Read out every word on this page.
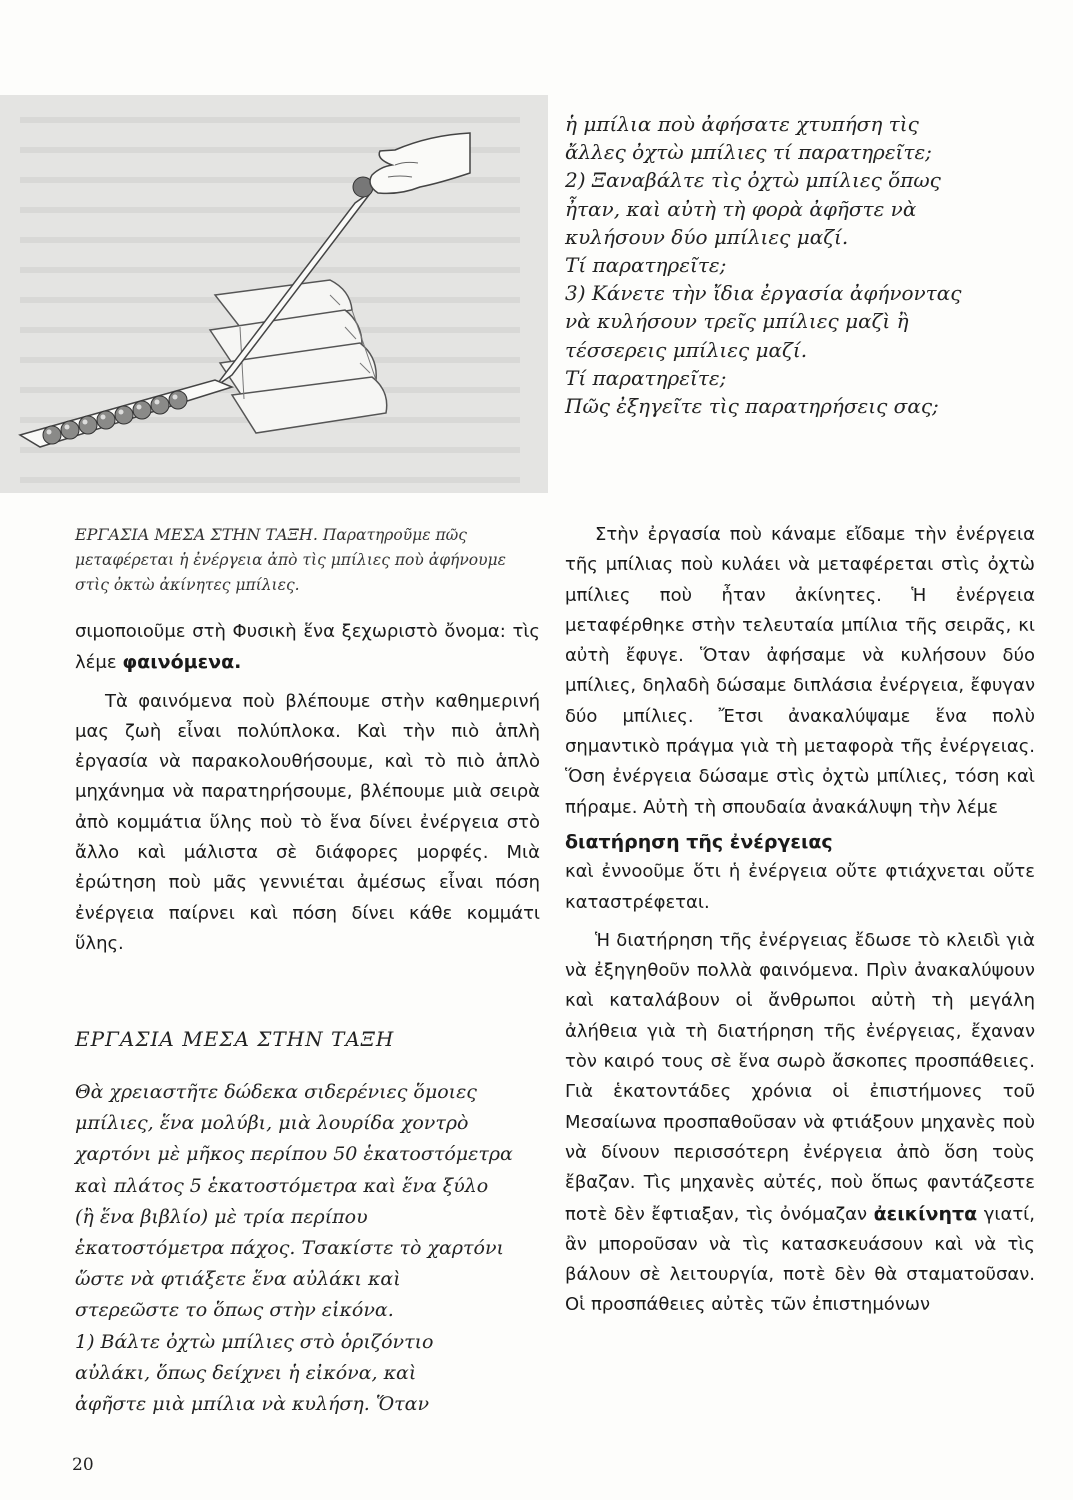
ἡ μπίλια ποὺ ἀφήσατε χτυπήση τὶς

ἄλλες ὀχτὼ μπίλιες τί παρατηρεῖτε;

2) Ξαναβάλτε τὶς ὀχτὼ μπίλιες ὅπως

ἦταν, καὶ αὐτὴ τὴ φορὰ ἀφῆστε νὰ

κυλήσουν δύο μπίλιες μαζί.

Τί παρατηρεῖτε;

3) Κάνετε τὴν ἴδια ἐργασία ἀφήνοντας

νὰ κυλήσουν τρεῖς μπίλιες μαζὶ ἢ

τέσσερεις μπίλιες μαζί.

Τί παρατηρεῖτε;

Πῶς ἐξηγεῖτε τὶς παρατηρήσεις σας;

ΕΡΓΑΣΙΑ ΜΕΣΑ ΣΤΗΝ ΤΑΞΗ. Παρατηροῦμε πῶς μεταφέρεται ἡ ἐνέργεια ἀπὸ τὶς μπίλιες ποὺ ἀφήνουμε στὶς ὀκτὼ ἀκίνητες μπίλιες.

σιμοποιοῦμε στὴ Φυσικὴ ἕνα ξεχωριστὸ ὄνομα: τὶς λέμε φαινόμενα.

Τὰ φαινόμενα ποὺ βλέπουμε στὴν καθημερινή μας ζωὴ εἶναι πολύπλοκα. Καὶ τὴν πιὸ ἁπλὴ ἐργασία νὰ παρακολουθήσουμε, καὶ τὸ πιὸ ἁπλὸ μηχάνημα νὰ παρατηρήσουμε, βλέπουμε μιὰ σειρὰ ἀπὸ κομμάτια ὕλης ποὺ τὸ ἕνα δίνει ἐνέργεια στὸ ἄλλο καὶ μάλιστα σὲ διάφορες μορφές. Μιὰ ἐρώτηση ποὺ μᾶς γεννιέται ἀμέσως εἶναι πόση ἐνέργεια παίρνει καὶ πόση δίνει κάθε κομμάτι ὕλης.

ΕΡΓΑΣΙΑ ΜΕΣΑ ΣΤΗΝ ΤΑΞΗ

Θὰ χρειαστῆτε δώδεκα σιδερένιες ὅμοιες

μπίλιες, ἕνα μολύβι, μιὰ λουρίδα χοντρὸ

χαρτόνι μὲ μῆκος περίπου 50 ἑκατοστόμετρα

καὶ πλάτος 5 ἑκατοστόμετρα καὶ ἕνα ξύλο

(ἢ ἕνα βιβλίο) μὲ τρία περίπου

ἑκατοστόμετρα πάχος. Τσακίστε τὸ χαρτόνι

ὥστε νὰ φτιάξετε ἕνα αὐλάκι καὶ

στερεῶστε το ὅπως στὴν εἰκόνα.

1) Βάλτε ὀχτὼ μπίλιες στὸ ὁριζόντιο

αὐλάκι, ὅπως δείχνει ἡ εἰκόνα, καὶ

ἀφῆστε μιὰ μπίλια νὰ κυλήση. Ὅταν

Στὴν ἐργασία ποὺ κάναμε εἴδαμε τὴν ἐνέργεια τῆς μπίλιας ποὺ κυλάει νὰ μεταφέρεται στὶς ὀχτὼ μπίλιες ποὺ ἦταν ἀκίνητες. Ἡ ἐνέργεια μεταφέρθηκε στὴν τελευταία μπίλια τῆς σειρᾶς, κι αὐτὴ ἔφυγε. Ὅταν ἀφήσαμε νὰ κυλήσουν δύο μπίλιες, δηλαδὴ δώσαμε διπλάσια ἐνέργεια, ἔφυγαν δύο μπίλιες. Ἔτσι ἀνακαλύψαμε ἕνα πολὺ σημαντικὸ πράγμα γιὰ τὴ μεταφορὰ τῆς ἐνέργειας. Ὅση ἐνέργεια δώσαμε στὶς ὀχτὼ μπίλιες, τόση καὶ πήραμε. Αὐτὴ τὴ σπουδαία ἀνακάλυψη τὴν λέμε

διατήρηση τῆς ἐνέργειας

καὶ ἐννοοῦμε ὅτι ἡ ἐνέργεια οὔτε φτιάχνεται οὔτε καταστρέφεται.

Ἡ διατήρηση τῆς ἐνέργειας ἔδωσε τὸ κλειδὶ γιὰ νὰ ἐξηγηθοῦν πολλὰ φαινόμενα. Πρὶν ἀνακαλύψουν καὶ καταλάβουν οἱ ἄνθρωποι αὐτὴ τὴ μεγάλη ἀλήθεια γιὰ τὴ διατήρηση τῆς ἐνέργειας, ἔχαναν τὸν καιρό τους σὲ ἕνα σωρὸ ἄσκοπες προσπάθειες. Γιὰ ἑκατοντάδες χρόνια οἱ ἐπιστήμονες τοῦ Μεσαίωνα προσπαθοῦσαν νὰ φτιάξουν μηχανὲς ποὺ νὰ δίνουν περισσότερη ἐνέργεια ἀπὸ ὅση τοὺς ἔβαζαν. Τὶς μηχανὲς αὐτές, ποὺ ὅπως φαντάζεστε ποτὲ δὲν ἔφτιαξαν, τὶς ὀνόμαζαν ἀεικίνητα γιατί, ἂν μποροῦσαν νὰ τὶς κατασκευάσουν καὶ νὰ τὶς βάλουν σὲ λειτουργία, ποτὲ δὲν θὰ σταματοῦσαν. Οἱ προσπάθειες αὐτὲς τῶν ἐπιστημόνων

20
